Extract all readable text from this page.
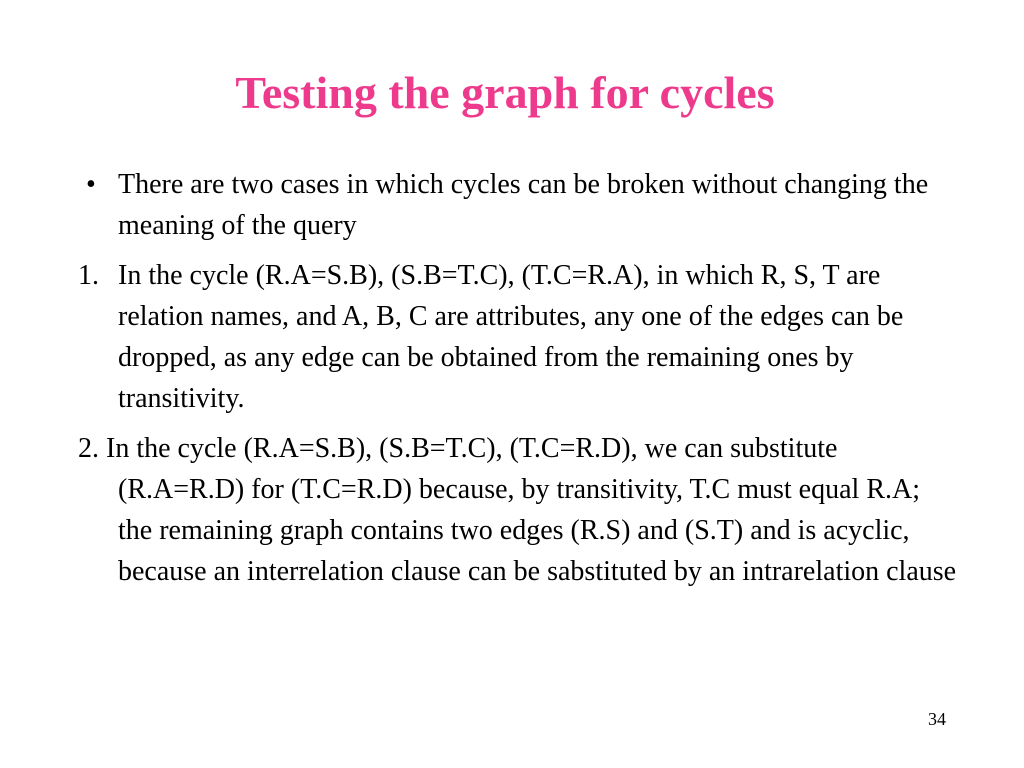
Testing the graph for cycles
• There are two cases in which cycles can be broken without changing the meaning of the query
1. In the cycle (R.A=S.B), (S.B=T.C), (T.C=R.A), in which R, S, T are relation names, and A, B, C are attributes, any one of the edges can be dropped, as any edge can be obtained from the remaining ones by transitivity.
2. In the cycle (R.A=S.B), (S.B=T.C), (T.C=R.D), we can substitute (R.A=R.D) for (T.C=R.D) because, by transitivity, T.C must equal R.A; the remaining graph contains two edges (R.S) and (S.T) and is acyclic, because an interrelation clause can be sabstituted by an intrarelation clause
34
